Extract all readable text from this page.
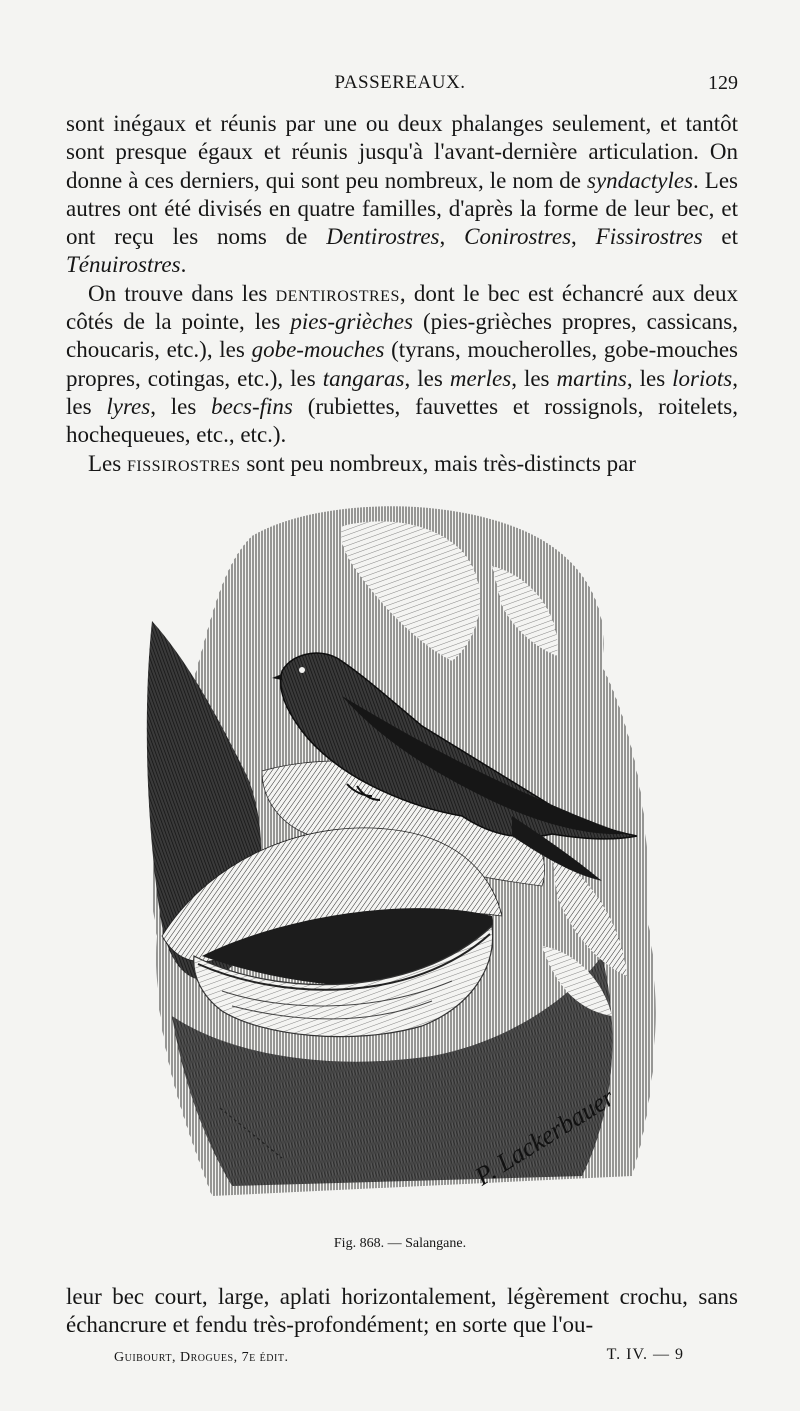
PASSEREAUX.	129

sont inégaux et réunis par une ou deux phalanges seulement, et tantôt sont presque égaux et réunis jusqu'à l'avant-dernière articulation. On donne à ces derniers, qui sont peu nombreux, le nom de syndactyles. Les autres ont été divisés en quatre familles, d'après la forme de leur bec, et ont reçu les noms de Dentirostres, Conirostres, Fissirostres et Ténuirostres.

On trouve dans les dentirostres, dont le bec est échancré aux deux côtés de la pointe, les pies-grièches (pies-grièches propres, cassicans, choucaris, etc.), les gobe-mouches (tyrans, moucherolles, gobe-mouches propres, cotingas, etc.), les tangaras, les merles, les martins, les loriots, les lyres, les becs-fins (rubiettes, fauvettes et rossignols, roitelets, hochequeues, etc., etc.).

Les fissirostres sont peu nombreux, mais très-distincts par

P. Lackerbauer
Fig. 868. — Salangane.

leur bec court, large, aplati horizontalement, légèrement crochu, sans échancrure et fendu très-profondément; en sorte que l'ou-

Guibourt, Drogues, 7e édit.	T. IV. — 9
